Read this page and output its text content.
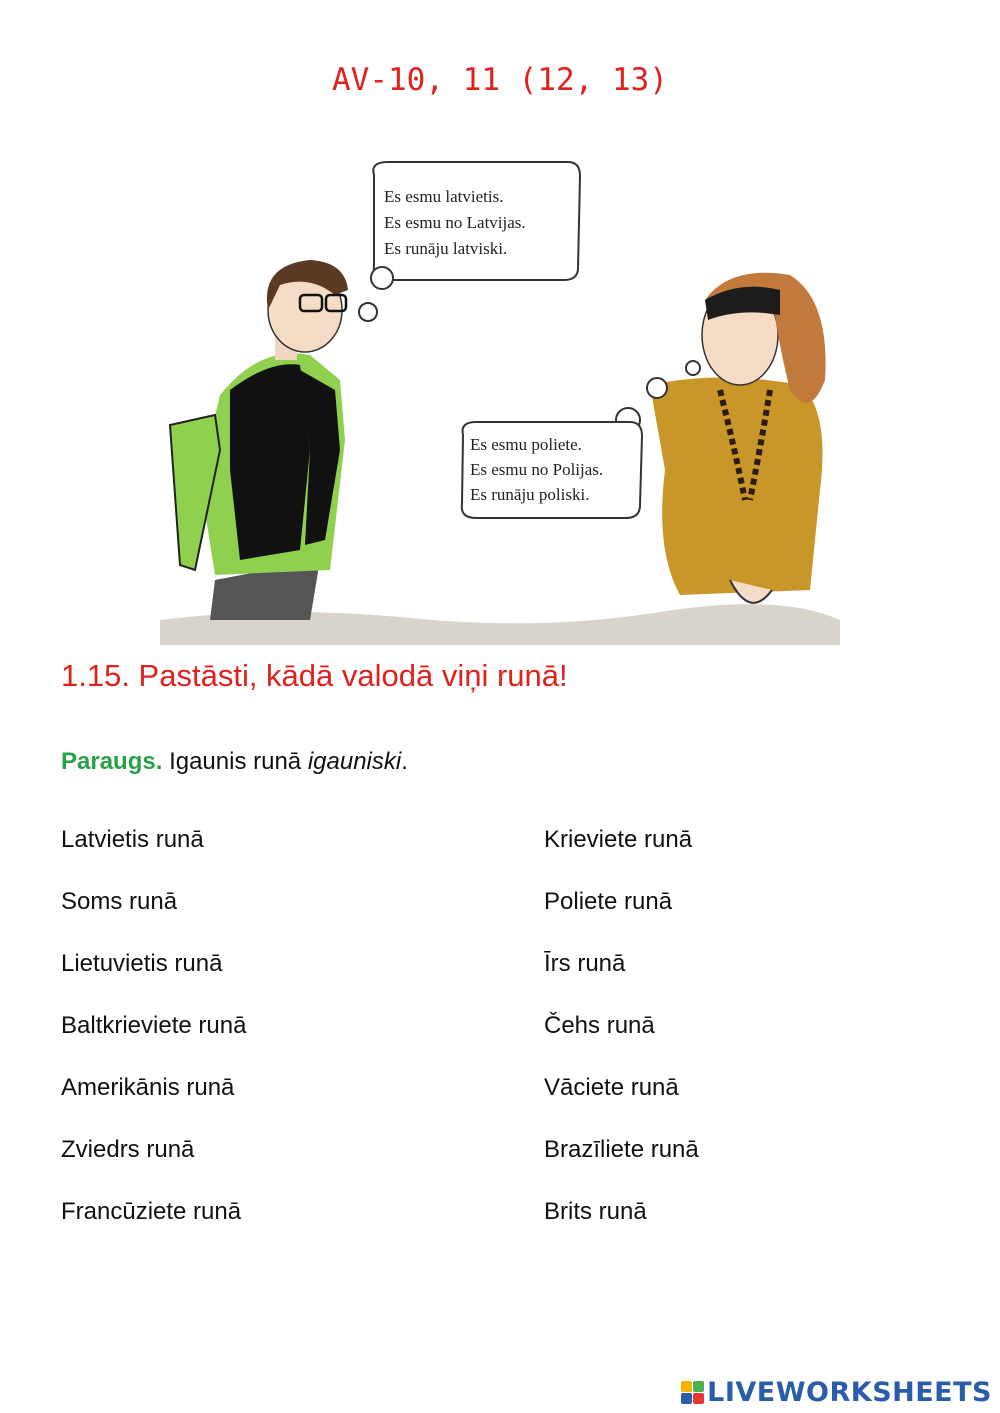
AV-10, 11 (12, 13)
Es esmu latvietis.
Es esmu no Latvijas.
Es runāju latviski.
Es esmu poliete.
Es esmu no Polijas.
Es runāju poliski.
1.15. Pastāsti, kādā valodā viņi runā!
Paraugs. Igaunis runā igauniski.
Latvietis runā	Krieviete runā
Soms runā	Poliete runā
Lietuvietis runā	Īrs runā
Baltkrieviete runā	Čehs runā
Amerikānis runā	Vāciete runā
Zviedrs runā	Brazīliete runā
Francūziete runā	Brits runā
LIVEWORKSHEETS
